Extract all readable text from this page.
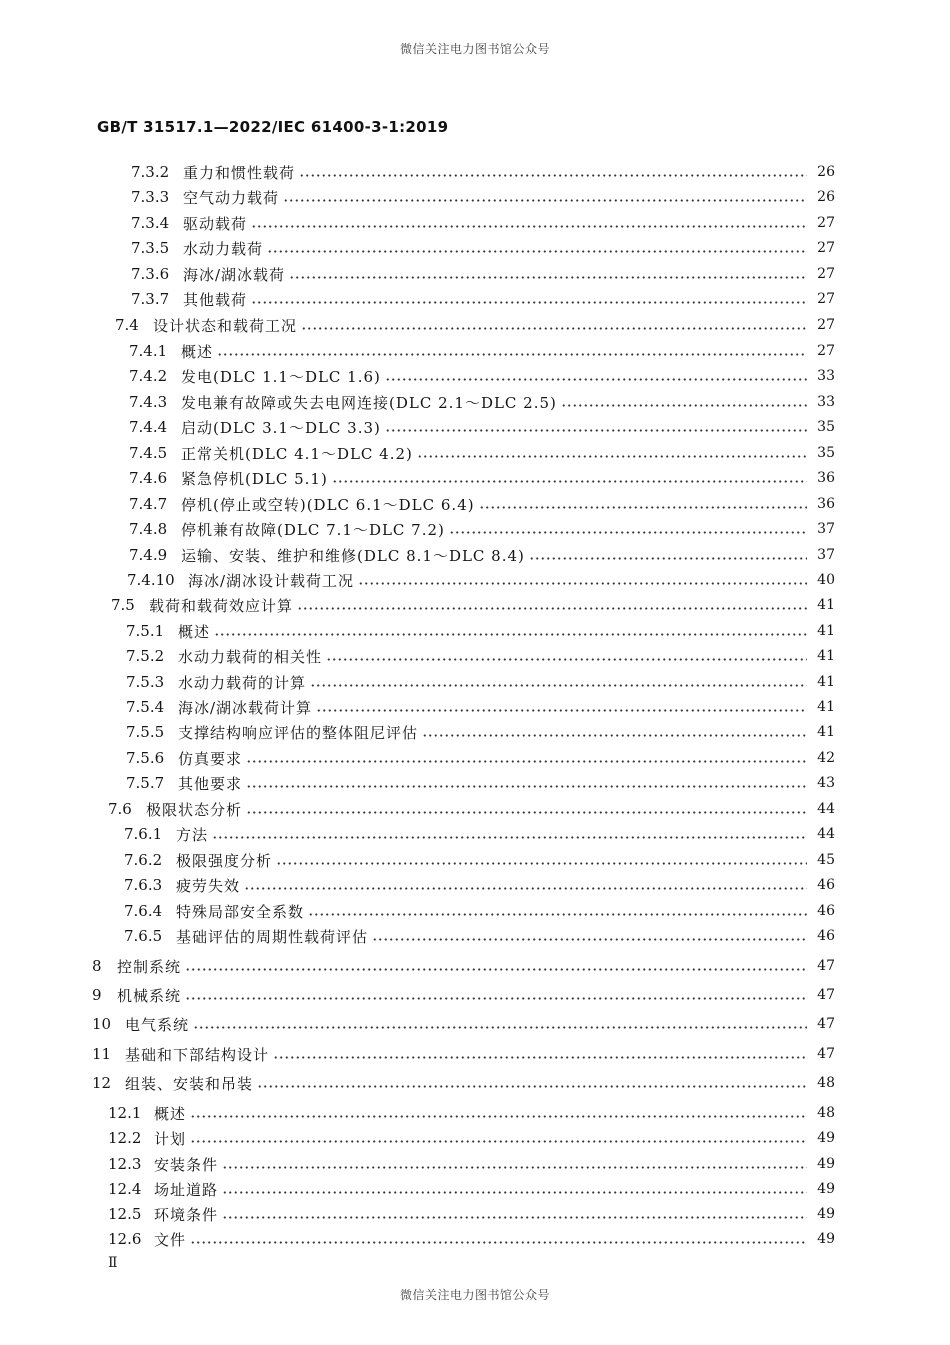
微信关注电力图书馆公众号
GB/T 31517.1—2022/IEC 61400-3-1:2019
7.3.2 重力和惯性载荷	26
7.3.3 空气动力载荷	26
7.3.4 驱动载荷	27
7.3.5 水动力载荷	27
7.3.6 海冰/湖冰载荷	27
7.3.7 其他载荷	27
7.4 设计状态和载荷工况	27
7.4.1 概述	27
7.4.2 发电(DLC 1.1～DLC 1.6)	33
7.4.3 发电兼有故障或失去电网连接(DLC 2.1～DLC 2.5)	33
7.4.4 启动(DLC 3.1～DLC 3.3)	35
7.4.5 正常关机(DLC 4.1～DLC 4.2)	35
7.4.6 紧急停机(DLC 5.1)	36
7.4.7 停机(停止或空转)(DLC 6.1～DLC 6.4)	36
7.4.8 停机兼有故障(DLC 7.1～DLC 7.2)	37
7.4.9 运输、安装、维护和维修(DLC 8.1～DLC 8.4)	37
7.4.10 海冰/湖冰设计载荷工况	40
7.5 载荷和载荷效应计算	41
7.5.1 概述	41
7.5.2 水动力载荷的相关性	41
7.5.3 水动力载荷的计算	41
7.5.4 海冰/湖冰载荷计算	41
7.5.5 支撑结构响应评估的整体阻尼评估	41
7.5.6 仿真要求	42
7.5.7 其他要求	43
7.6 极限状态分析	44
7.6.1 方法	44
7.6.2 极限强度分析	45
7.6.3 疲劳失效	46
7.6.4 特殊局部安全系数	46
7.6.5 基础评估的周期性载荷评估	46
8	控制系统	47
9	机械系统	47
10 电气系统	47
11 基础和下部结构设计	47
12 组装、安装和吊装	48
12.1 概述	48
12.2 计划	49
12.3 安装条件	49
12.4 场址道路	49
12.5 环境条件	49
12.6 文件	49
Ⅱ
微信关注电力图书馆公众号
